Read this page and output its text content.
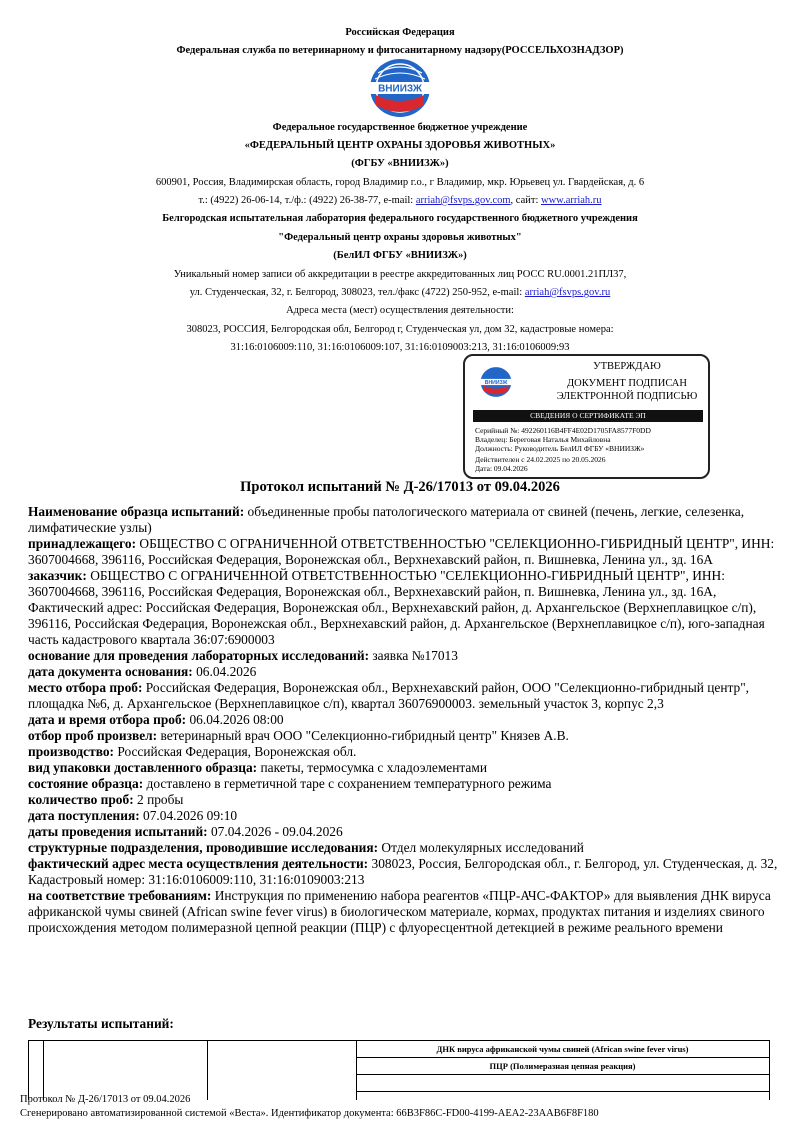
Российская Федерация
Федеральная служба по ветеринарному и фитосанитарному надзору(РОССЕЛЬХОЗНАДЗОР)
ВНИИЗЖ
Федеральное государственное бюджетное учреждение
«ФЕДЕРАЛЬНЫЙ ЦЕНТР ОХРАНЫ ЗДОРОВЬЯ ЖИВОТНЫХ»
(ФГБУ «ВНИИЗЖ»)
600901, Россия, Владимирская область, город Владимир г.о., г Владимир, мкр. Юрьевец ул. Гвардейская, д. 6
т.: (4922) 26-06-14, т./ф.: (4922) 26-38-77, e-mail: arriah@fsvps.gov.com, сайт: www.arriah.ru
Белгородская испытательная лаборатория федерального государственного бюджетного учреждения
"Федеральный центр охраны здоровья животных"
(БелИЛ ФГБУ «ВНИИЗЖ»)
Уникальный номер записи об аккредитации в реестре аккредитованных лиц РОСС RU.0001.21ПЛ37,
ул. Студенческая, 32, г. Белгород, 308023, тел./факс (4722) 250-952, e-mail: arriah@fsvps.gov.ru
Адреса места (мест) осуществления деятельности:
308023, РОССИЯ, Белгородская обл, Белгород г, Студенческая ул, дом 32, кадастровые номера:
31:16:0106009:110, 31:16:0106009:107, 31:16:0109003:213, 31:16:0106009:93
ВНИИЗЖ
УТВЕРЖДАЮ
ДОКУМЕНТ ПОДПИСАН
ЭЛЕКТРОННОЙ ПОДПИСЬЮ
СВЕДЕНИЯ О СЕРТИФИКАТЕ ЭП
Серийный №: 492260116B4FF4E02D1705FA8577F0DD
Владелец: Береговая Наталья Михайловна
Должность: Руководитель БелИЛ ФГБУ «ВНИИЗЖ»
Действителен с 24.02.2025 по 20.05.2026
Дата: 09.04.2026
Протокол испытаний № Д-26/17013 от 09.04.2026

Наименование образца испытаний: объединенные пробы патологического материала от свиней (печень, легкие, селезенка, лимфатические узлы)

принадлежащего: ОБЩЕСТВО С ОГРАНИЧЕННОЙ ОТВЕТСТВЕННОСТЬЮ "СЕЛЕКЦИОННО-ГИБРИДНЫЙ ЦЕНТР", ИНН: 3607004668, 396116, Российская Федерация, Воронежская обл., Верхнехавский район, п. Вишневка, Ленина ул., зд. 16А

заказчик: ОБЩЕСТВО С ОГРАНИЧЕННОЙ ОТВЕТСТВЕННОСТЬЮ "СЕЛЕКЦИОННО-ГИБРИДНЫЙ ЦЕНТР", ИНН: 3607004668, 396116, Российская Федерация, Воронежская обл., Верхнехавский район, п. Вишневка, Ленина ул., зд. 16А, Фактический адрес: Российская Федерация, Воронежская обл., Верхнехавский район, д. Архангельское (Верхнеплавицкое с/п), 396116, Российская Федерация, Воронежская обл., Верхнехавский район, д. Архангельское (Верхнеплавицкое с/п), юго-западная часть кадастрового квартала 36:07:6900003

основание для проведения лабораторных исследований: заявка №17013

дата документа основания: 06.04.2026

место отбора проб: Российская Федерация, Воронежская обл., Верхнехавский район, ООО "Селекционно-гибридный центр", площадка №6, д. Архангельское (Верхнеплавицкое с/п), квартал 36076900003. земельный участок 3, корпус 2,3

дата и время отбора проб: 06.04.2026 08:00

отбор проб произвел: ветеринарный врач ООО "Селекционно-гибридный центр" Князев А.В.

производство: Российская Федерация, Воронежская обл.

вид упаковки доставленного образца: пакеты, термосумка с хладоэлементами

состояние образца: доставлено в герметичной таре с сохранением температурного режима

количество проб: 2 пробы

дата поступления: 07.04.2026 09:10

даты проведения испытаний: 07.04.2026 - 09.04.2026

структурные подразделения, проводившие исследования: Отдел молекулярных исследований

фактический адрес места осуществления деятельности: 308023, Россия, Белгородская обл., г. Белгород, ул. Студенческая, д. 32, Кадастровый номер: 31:16:0106009:110, 31:16:0109003:213

на соответствие требованиям: Инструкция по применению набора реагентов «ПЦР-АЧС-ФАКТОР» для выявления ДНК вируса африканской чумы свиней (African swine fever virus) в биологическом материале, кормах, продуктах питания и изделиях свиного происхождения методом полимеразной цепной реакции (ПЦР) с флуоресцентной детекцией в режиме реального времени

Результаты испытаний:
ДНК вируса африканской чумы свиней (African swine fever virus)
ПЦР (Полимеразная цепная реакция)
Протокол № Д-26/17013 от 09.04.2026
Сгенерировано автоматизированной системой «Веста». Идентификатор документа: 66B3F86C-FD00-4199-AEA2-23AAB6F8F180
